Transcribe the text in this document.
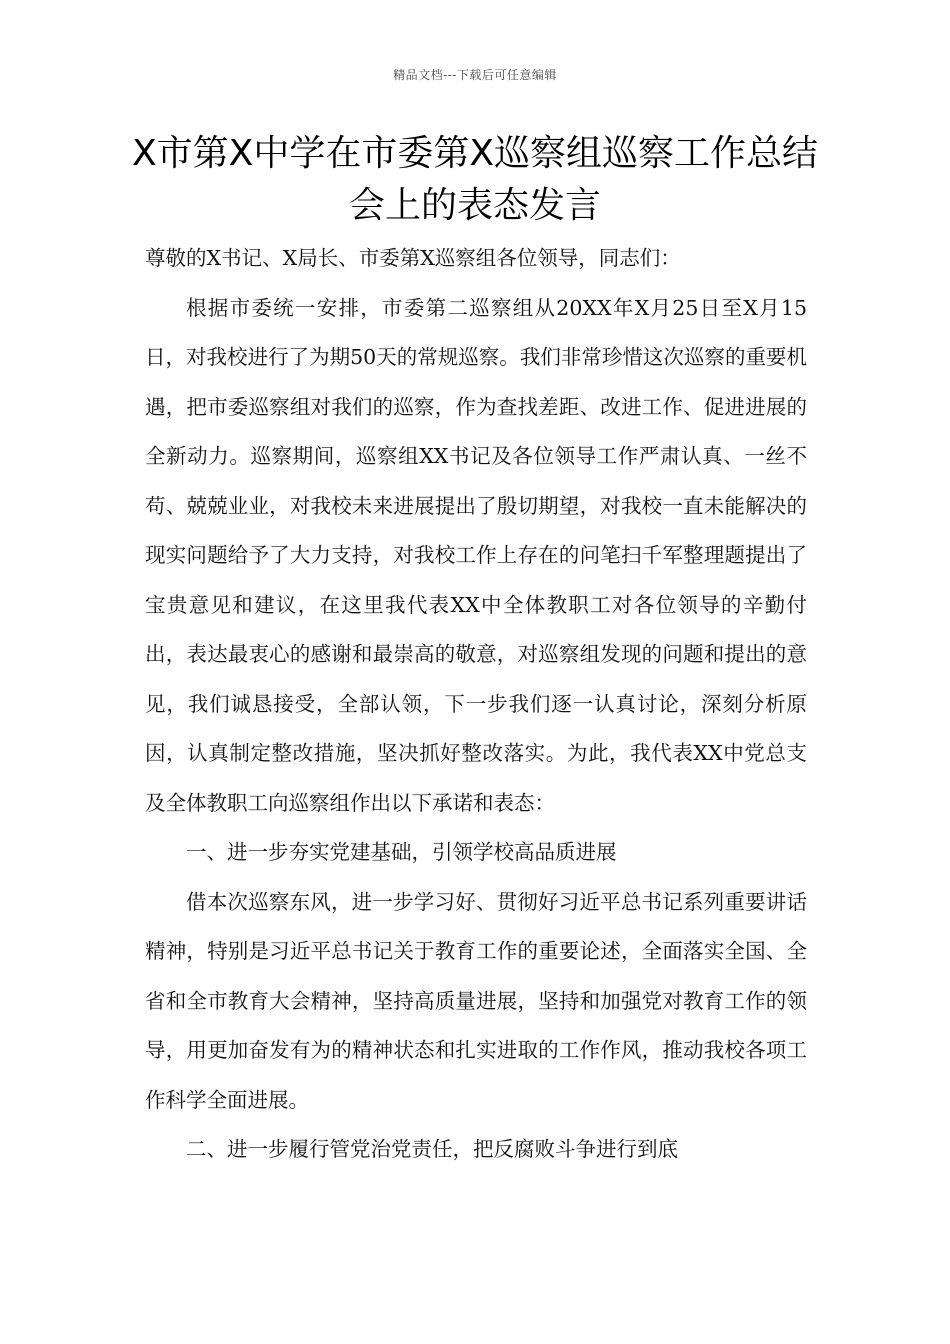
精品文档---下载后可任意编辑
X市第X中学在市委第X巡察组巡察工作总结会上的表态发言

尊敬的X书记、X局长、市委第X巡察组各位领导，同志们：

根据市委统一安排，市委第二巡察组从20XX年X月25日至X月15日，对我校进行了为期50天的常规巡察。我们非常珍惜这次巡察的重要机遇，把市委巡察组对我们的巡察，作为查找差距、改进工作、促进进展的全新动力。巡察期间，巡察组XX书记及各位领导工作严肃认真、一丝不苟、兢兢业业，对我校未来进展提出了殷切期望，对我校一直未能解决的现实问题给予了大力支持，对我校工作上存在的问笔扫千军整理题提出了宝贵意见和建议，在这里我代表XX中全体教职工对各位领导的辛勤付出，表达最衷心的感谢和最崇高的敬意，对巡察组发现的问题和提出的意见，我们诚恳接受，全部认领，下一步我们逐一认真讨论，深刻分析原因，认真制定整改措施，坚决抓好整改落实。为此，我代表XX中党总支及全体教职工向巡察组作出以下承诺和表态：

一、进一步夯实党建基础，引领学校高品质进展

借本次巡察东风，进一步学习好、贯彻好习近平总书记系列重要讲话精神，特别是习近平总书记关于教育工作的重要论述，全面落实全国、全省和全市教育大会精神，坚持高质量进展，坚持和加强党对教育工作的领导，用更加奋发有为的精神状态和扎实进取的工作作风，推动我校各项工作科学全面进展。

二、进一步履行管党治党责任，把反腐败斗争进行到底
